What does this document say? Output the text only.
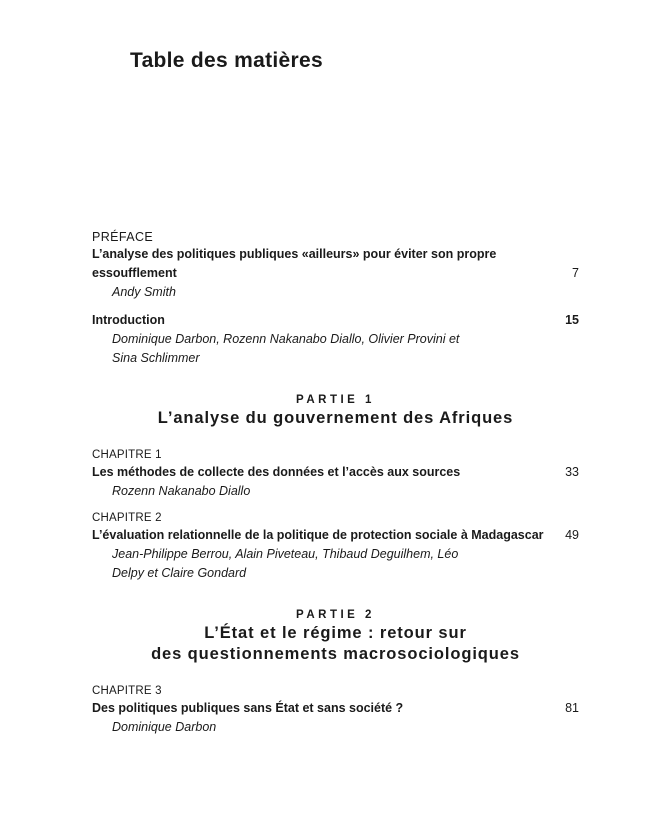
Table des matières
PRÉFACE
L’analyse des politiques publiques «ailleurs» pour éviter son propre essoufflement	7
Andy Smith
Introduction	15
Dominique Darbon, Rozenn Nakanabo Diallo, Olivier Provini et Sina Schlimmer
PARTIE 1
L’analyse du gouvernement des Afriques
CHAPITRE 1
Les méthodes de collecte des données et l’accès aux sources	33
Rozenn Nakanabo Diallo
CHAPITRE 2
L’évaluation relationnelle de la politique de protection sociale à Madagascar	49
Jean-Philippe Berrou, Alain Piveteau, Thibaud Deguilhem, Léo Delpy et Claire Gondard
PARTIE 2
L’État et le régime : retour sur
des questionnements macrosociologiques
CHAPITRE 3
Des politiques publiques sans État et sans société ?	81
Dominique Darbon
